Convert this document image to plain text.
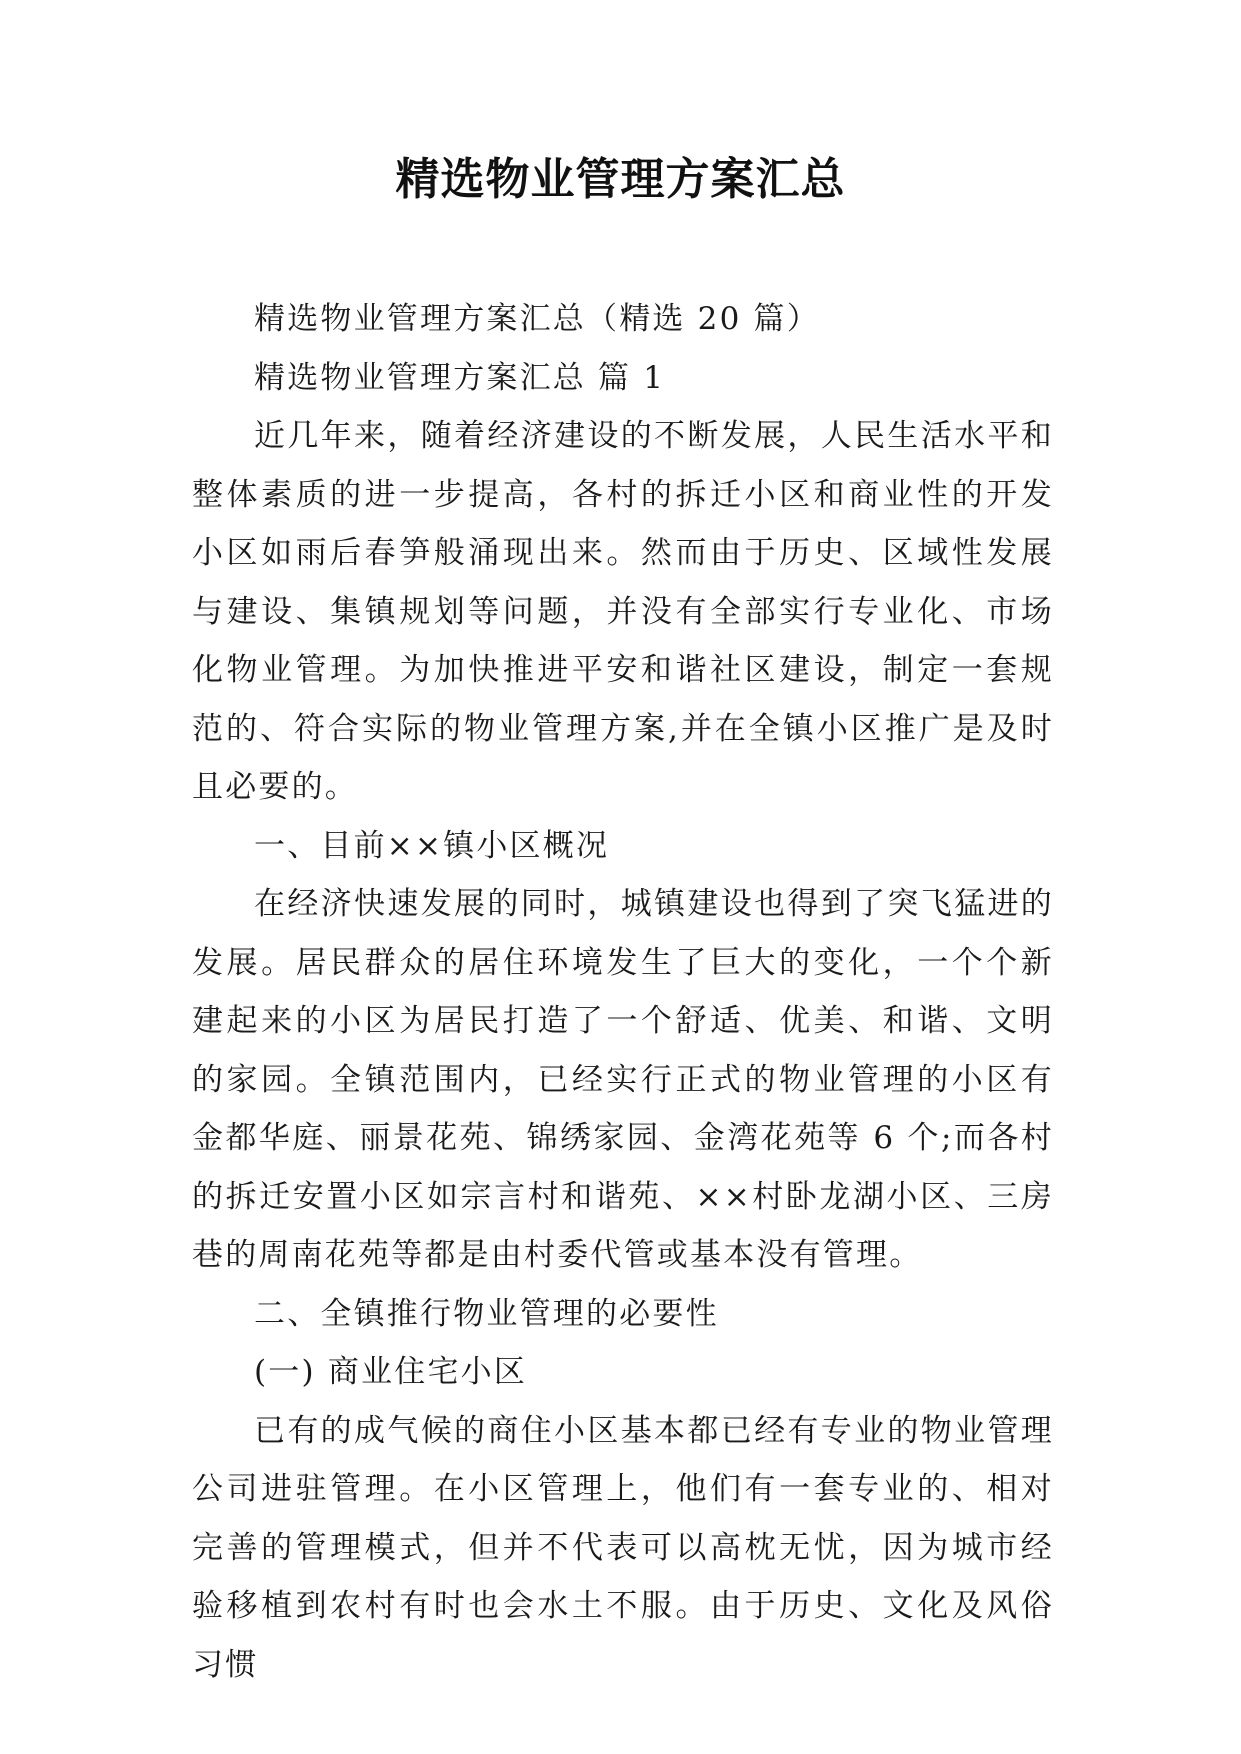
精选物业管理方案汇总

精选物业管理方案汇总（精选 20 篇）

精选物业管理方案汇总 篇 1

近几年来，随着经济建设的不断发展，人民生活水平和整体素质的进一步提高，各村的拆迁小区和商业性的开发小区如雨后春笋般涌现出来。然而由于历史、区域性发展与建设、集镇规划等问题，并没有全部实行专业化、市场化物业管理。为加快推进平安和谐社区建设，制定一套规范的、符合实际的物业管理方案,并在全镇小区推广是及时且必要的。

一、目前××镇小区概况

在经济快速发展的同时，城镇建设也得到了突飞猛进的发展。居民群众的居住环境发生了巨大的变化，一个个新建起来的小区为居民打造了一个舒适、优美、和谐、文明的家园。全镇范围内，已经实行正式的物业管理的小区有金都华庭、丽景花苑、锦绣家园、金湾花苑等 6 个;而各村的拆迁安置小区如宗言村和谐苑、××村卧龙湖小区、三房巷的周南花苑等都是由村委代管或基本没有管理。

二、全镇推行物业管理的必要性

(一) 商业住宅小区

已有的成气候的商住小区基本都已经有专业的物业管理公司进驻管理。在小区管理上，他们有一套专业的、相对完善的管理模式，但并不代表可以高枕无忧，因为城市经验移植到农村有时也会水土不服。由于历史、文化及风俗习惯
